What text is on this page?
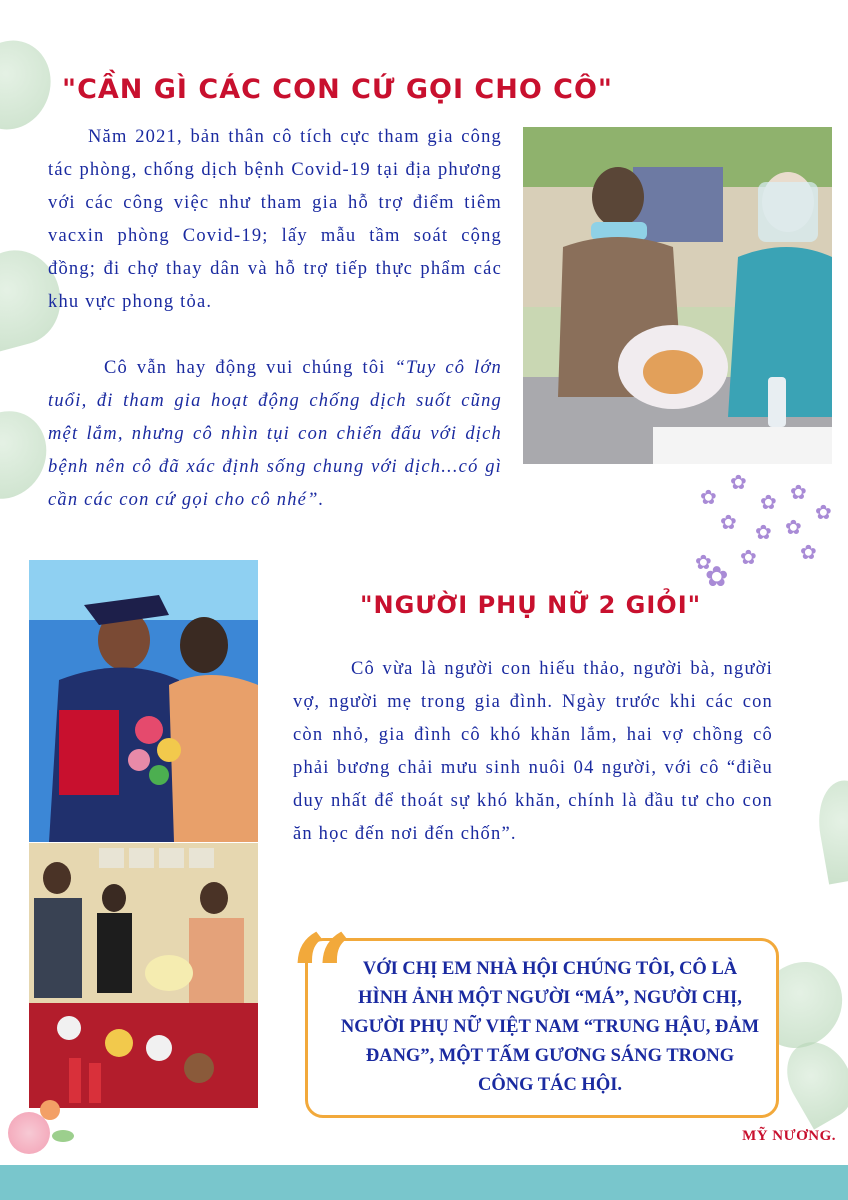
"CẦN GÌ CÁC CON CỨ GỌI CHO CÔ"

Năm 2021, bản thân cô tích cực tham gia công tác phòng, chống dịch bệnh Covid-19 tại địa phương với các công việc như tham gia hỗ trợ điểm tiêm vacxin phòng Covid-19; lấy mẫu tầm soát cộng đồng; đi chợ thay dân và hỗ trợ tiếp thực phẩm các khu vực phong tỏa.

Cô vẫn hay động vui chúng tôi “Tuy cô lớn tuổi, đi tham gia hoạt động chống dịch suốt cũng mệt lắm, nhưng cô nhìn tụi con chiến đấu với dịch bệnh nên cô đã xác định sống chung với dịch...có gì cần các con cứ gọi cho cô nhé”.	✿
✿
✿ ✿
✿
✿ ✿ ✿
✿ ✿ ✿
✿
"NGƯỜI PHỤ NỮ 2 GIỎI"

Cô vừa là người con hiếu thảo, người bà, người vợ, người mẹ trong gia đình. Ngày trước khi các con còn nhỏ, gia đình cô khó khăn lắm, hai vợ chồng cô phải bương chải mưu sinh nuôi 04 người, với cô “điều duy nhất để thoát sự khó khăn, chính là đầu tư cho con ăn học đến nơi đến chốn”.

“ VỚI CHỊ EM NHÀ HỘI CHÚNG TÔI, CÔ LÀ HÌNH ẢNH MỘT NGƯỜI “MÁ”, NGƯỜI CHỊ, NGƯỜI PHỤ NỮ VIỆT NAM “TRUNG HẬU, ĐẢM ĐANG”, MỘT TẤM GƯƠNG SÁNG TRONG CÔNG TÁC HỘI.

MỸ NƯƠNG.
